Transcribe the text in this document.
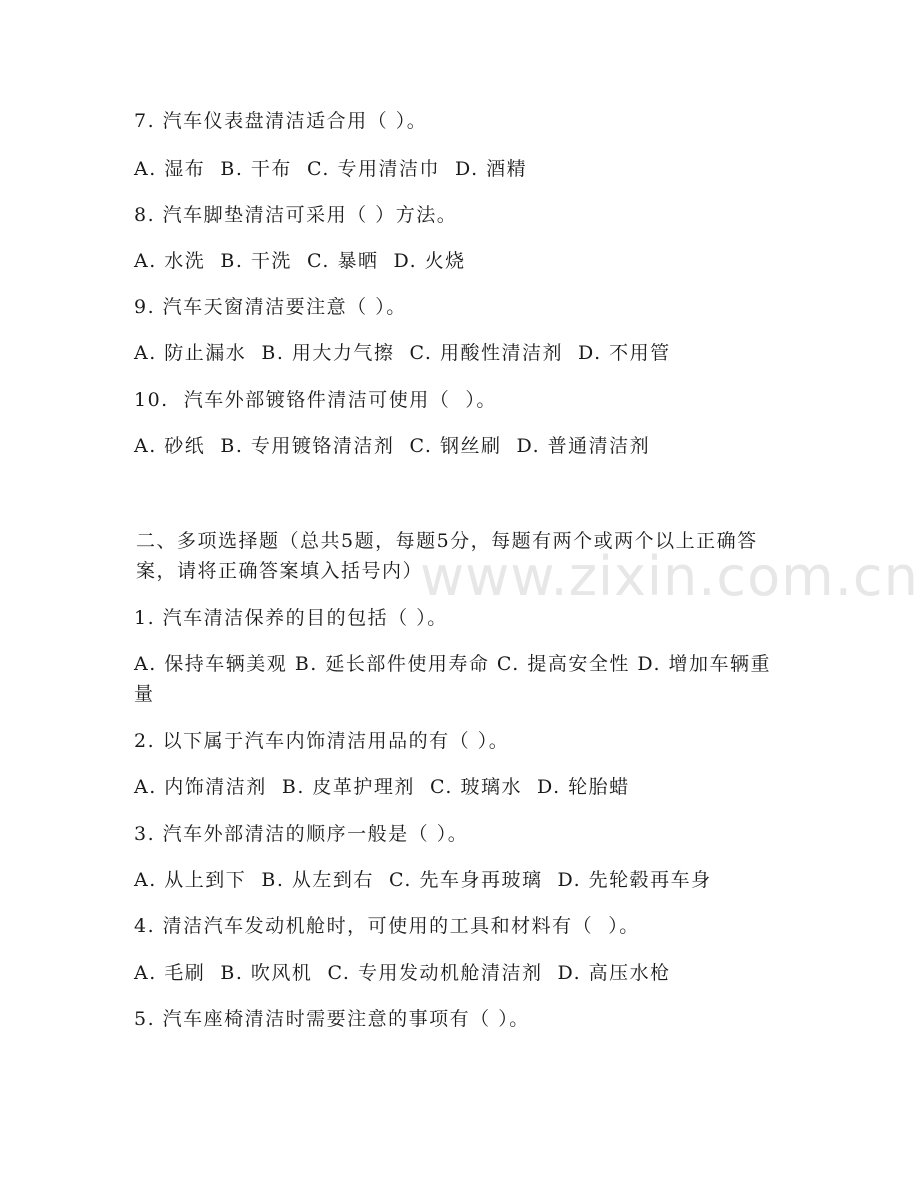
7. 汽车仪表盘清洁适合用（ ）。
A. 湿布  B. 干布  C. 专用清洁巾  D. 酒精
8. 汽车脚垫清洁可采用（ ）方法。
A. 水洗  B. 干洗  C. 暴晒  D. 火烧
9. 汽车天窗清洁要注意（ ）。
A. 防止漏水  B. 用大力气擦  C. 用酸性清洁剂  D. 不用管
10.  汽车外部镀铬件清洁可使用（  ）。
A. 砂纸  B. 专用镀铬清洁剂  C. 钢丝刷  D. 普通清洁剂
二、多项选择题（总共5题，每题5分，每题有两个或两个以上正确答案，请将正确答案填入括号内）
1. 汽车清洁保养的目的包括（ ）。
A. 保持车辆美观 B. 延长部件使用寿命 C. 提高安全性 D. 增加车辆重量
2. 以下属于汽车内饰清洁用品的有（ ）。
A. 内饰清洁剂  B. 皮革护理剂  C. 玻璃水  D. 轮胎蜡
3. 汽车外部清洁的顺序一般是（ ）。
A. 从上到下  B. 从左到右  C. 先车身再玻璃  D. 先轮毂再车身
4. 清洁汽车发动机舱时，可使用的工具和材料有（  ）。
A. 毛刷  B. 吹风机  C. 专用发动机舱清洁剂  D. 高压水枪
5. 汽车座椅清洁时需要注意的事项有（ ）。
www.zixin.com.cn
